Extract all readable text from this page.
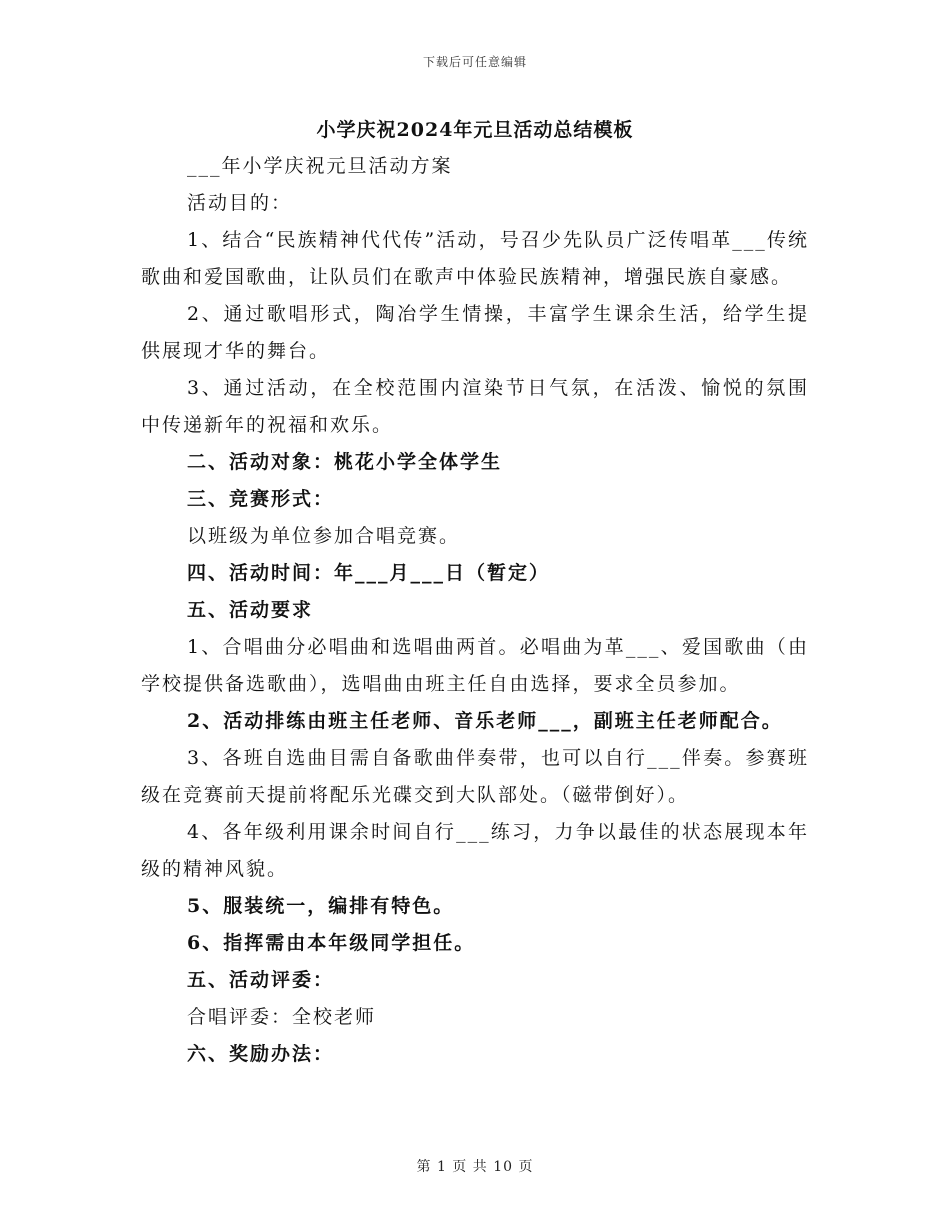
下载后可任意编辑
小学庆祝2024年元旦活动总结模板

___年小学庆祝元旦活动方案

活动目的：

1、结合“民族精神代代传”活动，号召少先队员广泛传唱革___传统歌曲和爱国歌曲，让队员们在歌声中体验民族精神，增强民族自豪感。

2、通过歌唱形式，陶冶学生情操，丰富学生课余生活，给学生提供展现才华的舞台。

3、通过活动，在全校范围内渲染节日气氛，在活泼、愉悦的氛围中传递新年的祝福和欢乐。

二、活动对象：桃花小学全体学生

三、竞赛形式：

以班级为单位参加合唱竞赛。

四、活动时间：年___月___日（暂定）

五、活动要求

1、合唱曲分必唱曲和选唱曲两首。必唱曲为革___、爱国歌曲（由学校提供备选歌曲），选唱曲由班主任自由选择，要求全员参加。

2、活动排练由班主任老师、音乐老师___，副班主任老师配合。

3、各班自选曲目需自备歌曲伴奏带，也可以自行___伴奏。参赛班级在竞赛前天提前将配乐光碟交到大队部处。（磁带倒好）。

4、各年级利用课余时间自行___练习，力争以最佳的状态展现本年级的精神风貌。

5、服装统一，编排有特色。

6、指挥需由本年级同学担任。

五、活动评委：

合唱评委：全校老师

六、奖励办法：

第 1 页 共 10 页
